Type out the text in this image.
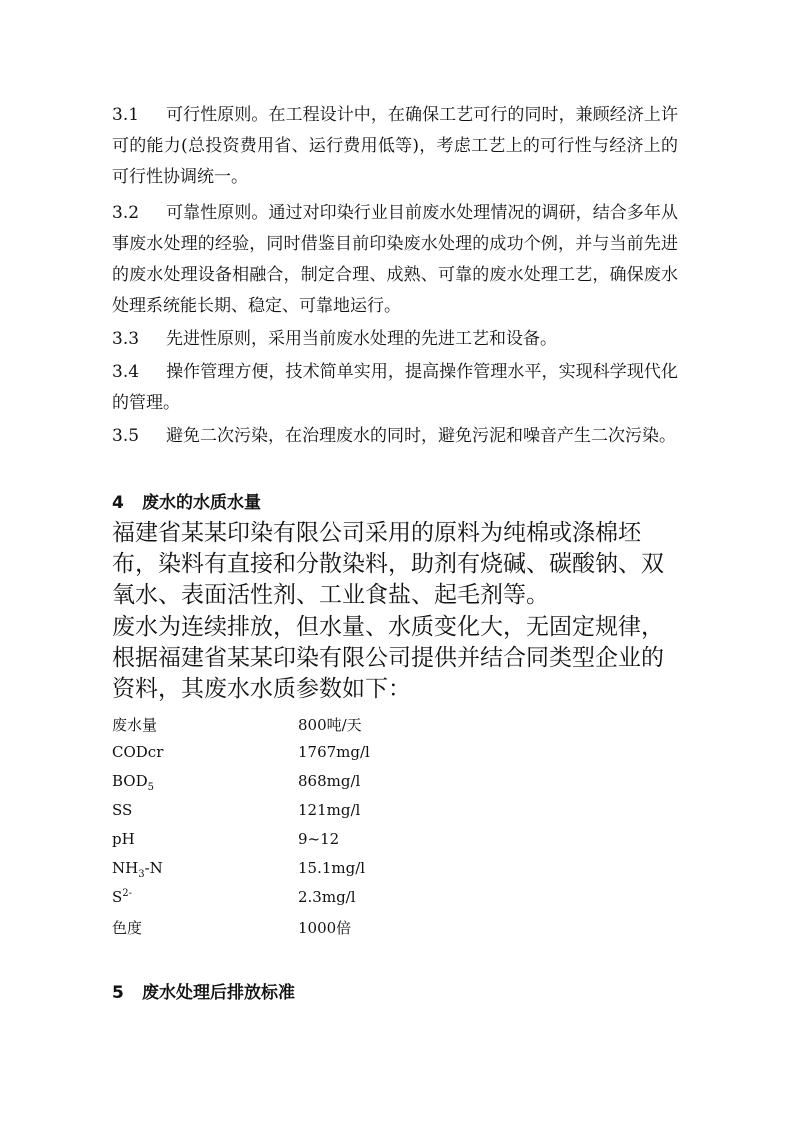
3.1 可行性原则。在工程设计中，在确保工艺可行的同时，兼顾经济上许可的能力(总投资费用省、运行费用低等)，考虑工艺上的可行性与经济上的可行性协调统一。

3.2 可靠性原则。通过对印染行业目前废水处理情况的调研，结合多年从事废水处理的经验，同时借鉴目前印染废水处理的成功个例，并与当前先进的废水处理设备相融合，制定合理、成熟、可靠的废水处理工艺，确保废水处理系统能长期、稳定、可靠地运行。

3.3 先进性原则，采用当前废水处理的先进工艺和设备。

3.4 操作管理方便，技术简单实用，提高操作管理水平，实现科学现代化的管理。

3.5 避免二次污染，在治理废水的同时，避免污泥和噪音产生二次污染。

4 废水的水质水量

福建省某某印染有限公司采用的原料为纯棉或涤棉坯布，染料有直接和分散染料，助剂有烧碱、碳酸钠、双氧水、表面活性剂、工业食盐、起毛剂等。

废水为连续排放，但水量、水质变化大，无固定规律，根据福建省某某印染有限公司提供并结合同类型企业的资料，其废水水质参数如下：

废水量	800吨/天
CODcr	1767mg/l
$BOD_5$	868mg/l
SS	121mg/l
pH	9~12
$NH_3-N$	15.1mg/l
$S^{2-}$	2.3mg/l
色度	1000倍
5 废水处理后排放标准
